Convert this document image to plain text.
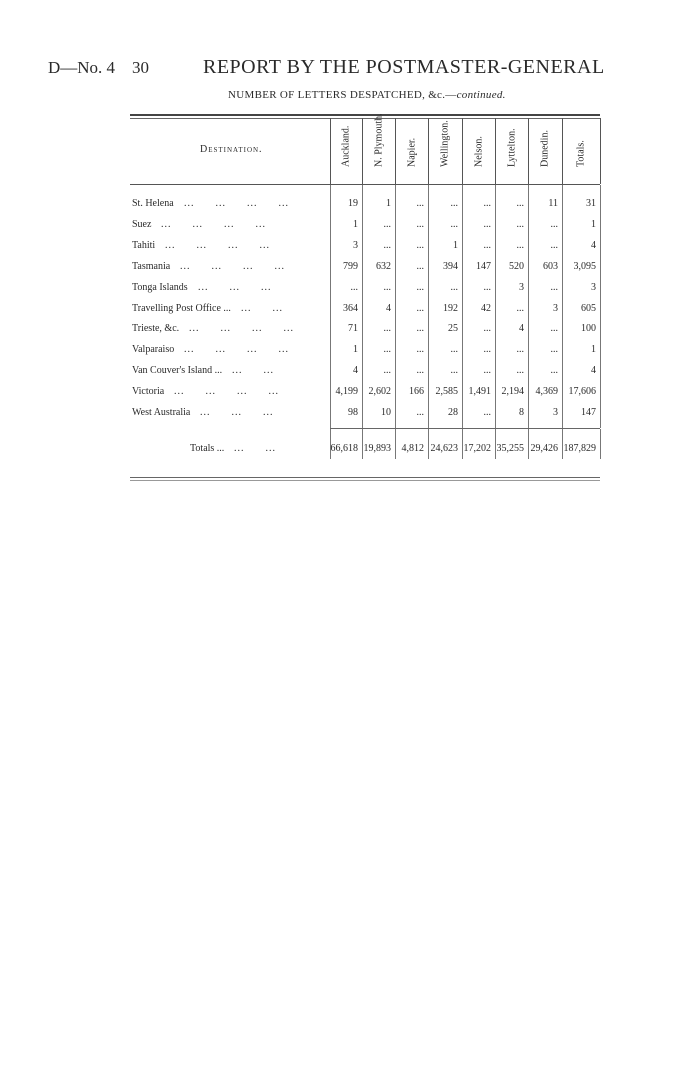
D—No. 4 30	REPORT BY THE POSTMASTER-GENERAL
NUMBER OF LETTERS DESPATCHED, &c.—continued.
Destination.	Auckland. N. Plymouth. Napier. Wellington. Nelson. Lyttelton. Dunedin.	Totals.
St. Helena ...      ...      ...      ...	19	1	...	...	...	...	11	31
Suez ...      ...      ...      ...	1	...	...	...	...	...	...	1
Tahiti ...      ...      ...      ...	3	...	...	1	...	...	...	4
Tasmania ...      ...      ...      ...	799	632	...	394	147	520	603	3,095
Tonga Islands ...      ...      ...	...	...	...	...	...	3	...	3
Travelling Post Office ... ...      ...	364	4	...	192	42	...	3	605
Trieste, &c. ...      ...      ...      ...	71	...	...	25	...	4	...	100
Valparaiso ...      ...      ...      ...	1	...	...	...	...	...	...	1
Van Couver's Island ... ...      ...	4	...	...	...	...	...	...	4
Victoria ...      ...      ...      ...	4,199	2,602	166	2,585	1,491	2,194	4,369	17,606
West Australia ...      ...      ...	98	10	...	28	...	8	3	147
Totals ... ...      ...	66,618 19,893	4,812 24,623 17,202 35,255 29,426 187,829
